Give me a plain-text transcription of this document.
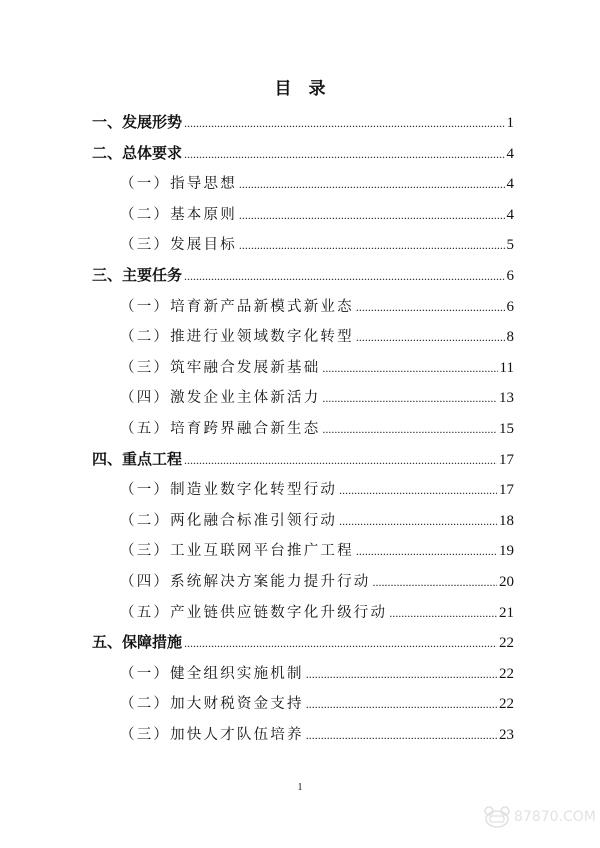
目　录
一、发展形势 .....	1
二、总体要求 .....	4
（一）指导思想 .....	4
（二）基本原则 .....	4
（三）发展目标 .....	5
三、主要任务 .....	6
（一）培育新产品新模式新业态 .....	6
（二）推进行业领域数字化转型 .....	8
（三）筑牢融合发展新基础 .....	11
（四）激发企业主体新活力 .....	13
（五）培育跨界融合新生态 .....	15
四、重点工程 .....	17
（一）制造业数字化转型行动 .....	17
（二）两化融合标准引领行动 .....	18
（三）工业互联网平台推广工程 .....	19
（四）系统解决方案能力提升行动 .....	20
（五）产业链供应链数字化升级行动 .....	21
五、保障措施 .....	22
（一）健全组织实施机制 .....	22
（二）加大财税资金支持 .....	22
（三）加快人才队伍培养 .....	23
1
87870.COM
